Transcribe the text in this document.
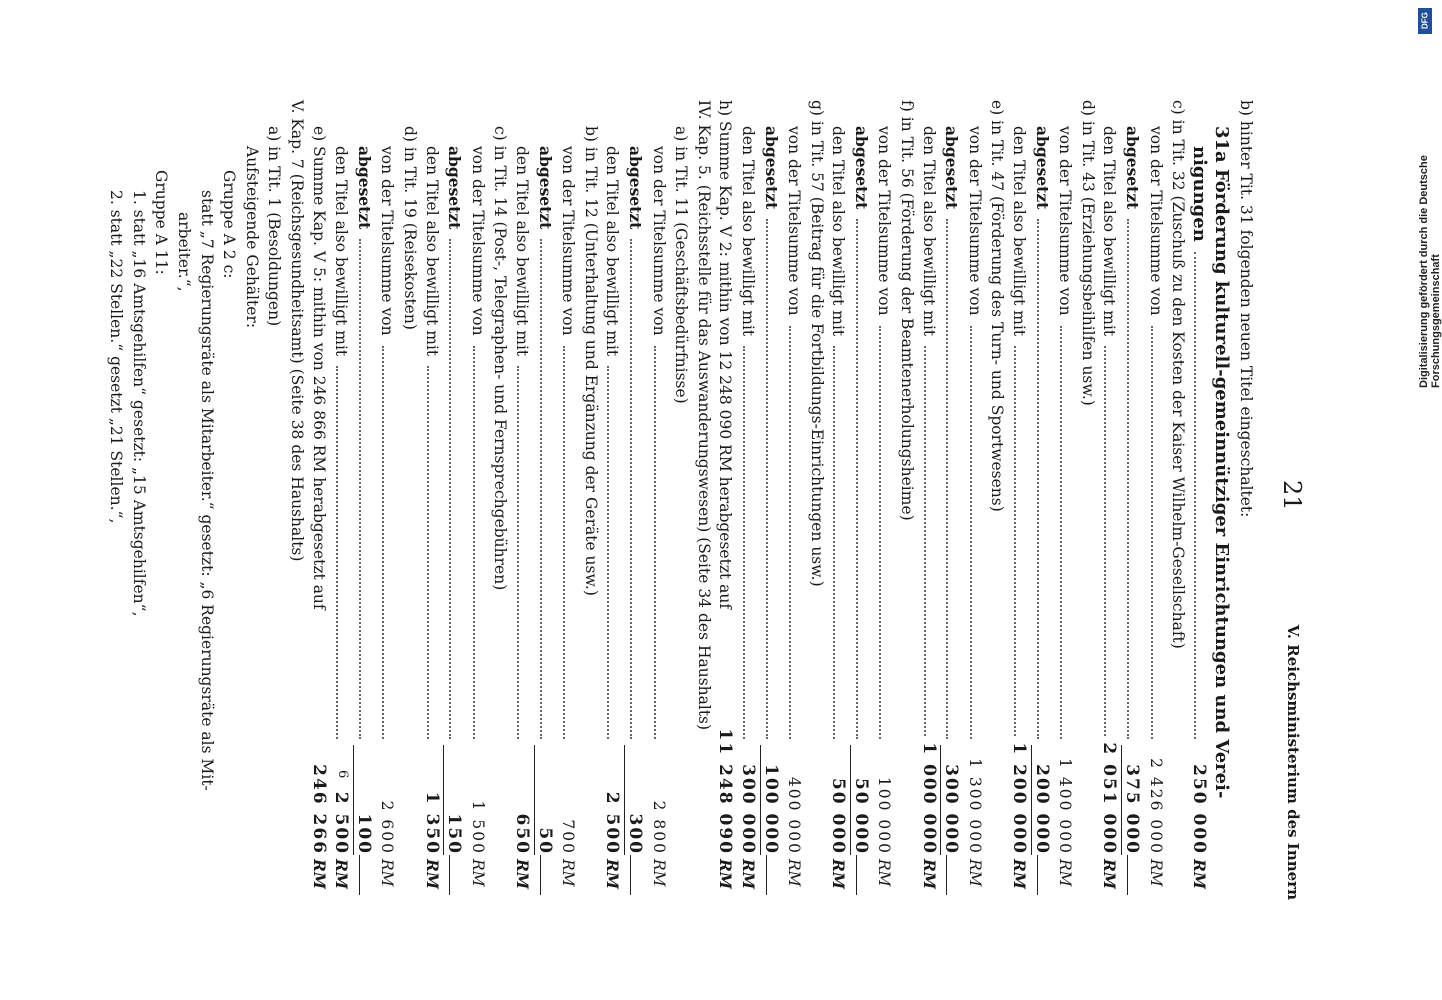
21
V. Reichsministerium des Innern
b) hinter Tit. 31 folgenden neuen Titel eingeschaltet:
31a Förderung kulturell-gemeinnütziger Einrichtungen und Verei-
nigungen
250 000
RM
c) in Tit. 32 (Zuschuß zu den Kosten der Kaiser Wilhelm-Gesellschaft)
von der Titelsumme von
2 426 000
RM
abgesetzt
375 000
den Titel also bewilligt mit
2 051 000
RM
d) in Tit. 43 (Erziehungsbeihilfen usw.)
von der Titelsumme von
1 400 000
RM
abgesetzt
200 000
den Titel also bewilligt mit
1 200 000
RM
e) in Tit. 47 (Förderung des Turn- und Sportwesens)
von der Titelsumme von
1 300 000
RM
abgesetzt
300 000
den Titel also bewilligt mit
1 000 000
RM
f) in Tit. 56 (Förderung der Beamtenerholungsheime)
von der Titelsumme von
100 000
RM
abgesetzt
50 000
den Titel also bewilligt mit
50 000
RM
g) in Tit. 57 (Beitrag für die Fortbildungs-Einrichtungen usw.)
von der Titelsumme von
400 000
RM
abgesetzt
100 000
den Titel also bewilligt mit
300 000
RM
h) Summe Kap. V 2: mithin von 12 248 090 RM herabgesetzt auf
11 248 090
RM
IV. Kap. 5. (Reichsstelle für das Auswanderungswesen) (Seite 34 des Haushalts)
a) in Tit. 11 (Geschäftsbedürfnisse)
von der Titelsumme von
2 800
RM
abgesetzt
300
den Titel also bewilligt mit
2 500
RM
b) in Tit. 12 (Unterhaltung und Ergänzung der Geräte usw.)
von der Titelsumme von
700
RM
abgesetzt
50
den Titel also bewilligt mit
650
RM
c) in Tit. 14 (Post-, Telegraphen- und Fernsprechgebühren)
von der Titelsumme von
1 500
RM
abgesetzt
150
den Titel also bewilligt mit
1 350
RM
d) in Tit. 19 (Reisekosten)
von der Titelsumme von
2 600
RM
abgesetzt
100
den Titel also bewilligt mit
2 500
RM
e) Summe Kap. V 5: mithin von 246 866 RM herabgesetzt auf
246 266
RM
V. Kap. 7 (Reichsgesundheitsamt) (Seite 38 des Haushalts)
a) in Tit. 1 (Besoldungen)
Aufsteigende Gehälter:
Gruppe A 2 c:
statt „7 Regierungsräte als Mitarbeiter.“ gesetzt: „6 Regierungsräte als Mit-
arbeiter.“,
Gruppe A 11:
1. statt „16 Amtsgehilfen“ gesetzt: „15 Amtsgehilfen“,
2. statt „22 Stellen.“ gesetzt „21 Stellen.“,
6
DFG
Digitalisierung gefördert durch die Deutsche Forschungsgemeinschaft
